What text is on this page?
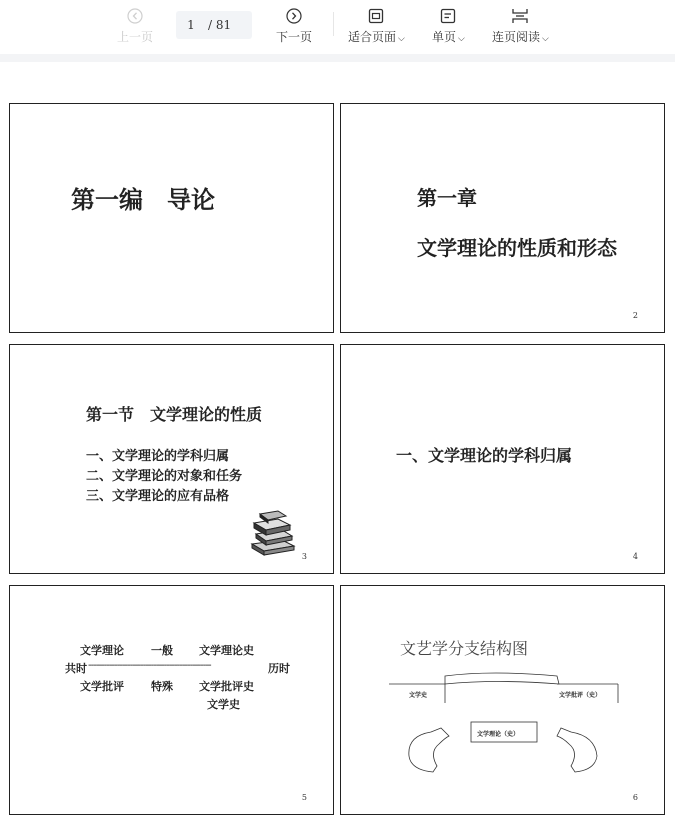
上一页
1
/ 81
下一页	适合页面 ⌵ 单页 ⌵ 连页阅读 ⌵
第一编　导论	第一章
文学理论的性质和形态
2
第一节　文学理论的性质
一、文学理论的学科归属
二、文学理论的对象和任务
三、文学理论的应有品格
3
一、文学理论的学科归属
4
文学理论 一般 文学理论史
共时 -----------------------------------------------	历时
文学批评 特殊 文学批评史
文学史
5
文艺学分支结构图
文学史	文学批评（史）
文学理论（史）
6
